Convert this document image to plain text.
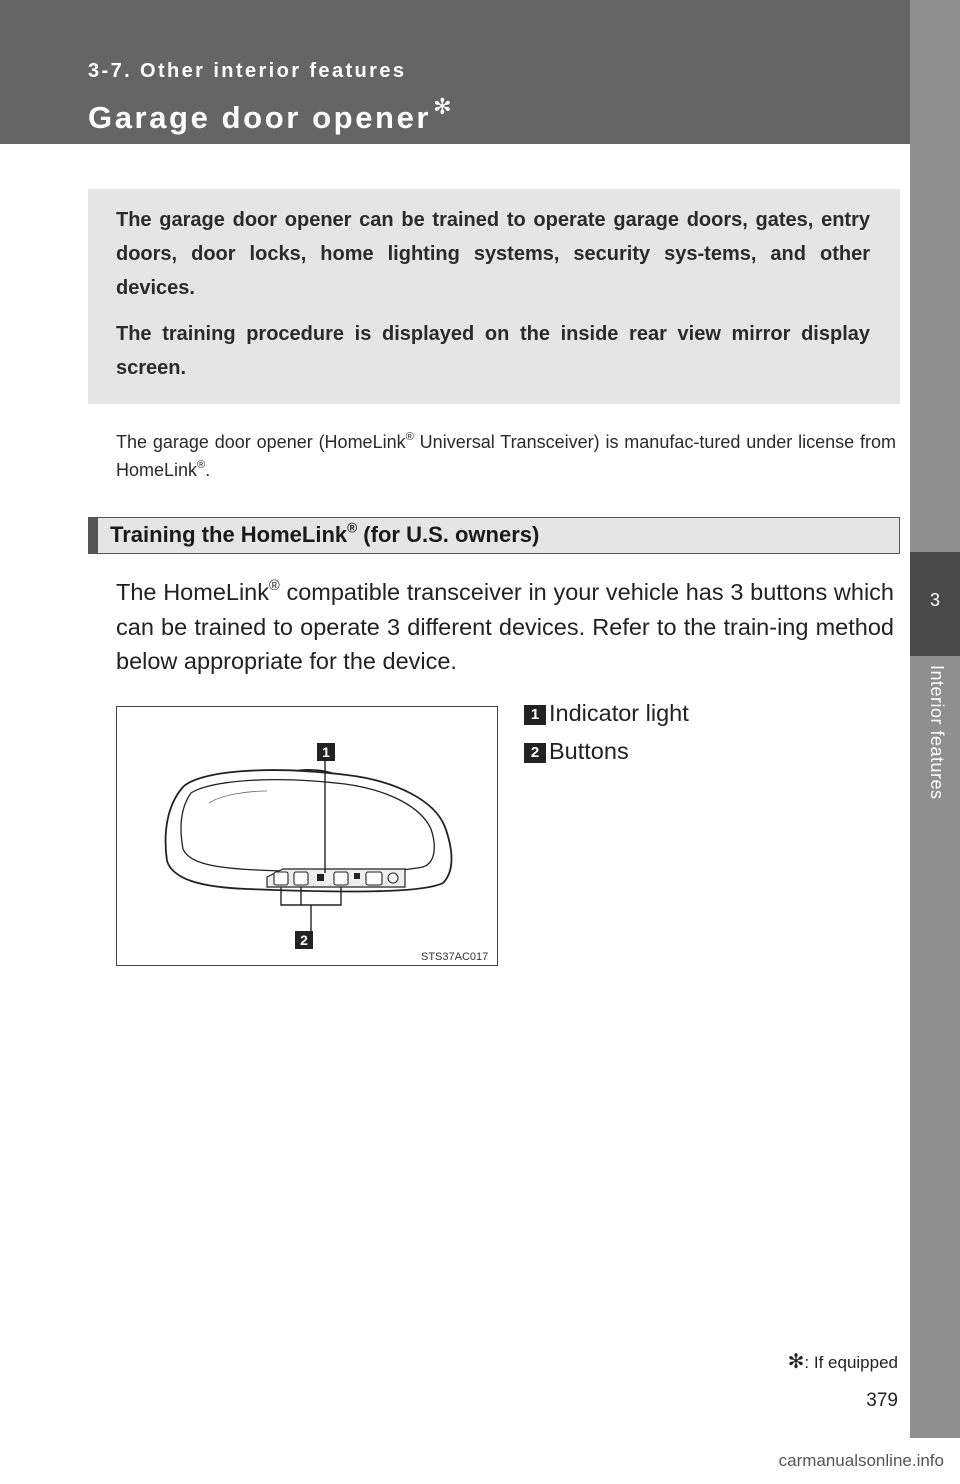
3-7. Other interior features
Garage door opener✻
3
Interior features

The garage door opener can be trained to operate garage doors, gates, entry doors, door locks, home lighting systems, security sys-tems, and other devices.

The training procedure is displayed on the inside rear view mirror display screen.

The garage door opener (HomeLink® Universal Transceiver) is manufac-tured under license from HomeLink®.
Training the HomeLink® (for U.S. owners)
The HomeLink® compatible transceiver in your vehicle has 3 buttons which can be trained to operate 3 different devices. Refer to the train-ing method below appropriate for the device.
1
2
STS37AC017
1 Indicator light
2 Buttons
✻: If equipped
379
carmanualsonline.info
